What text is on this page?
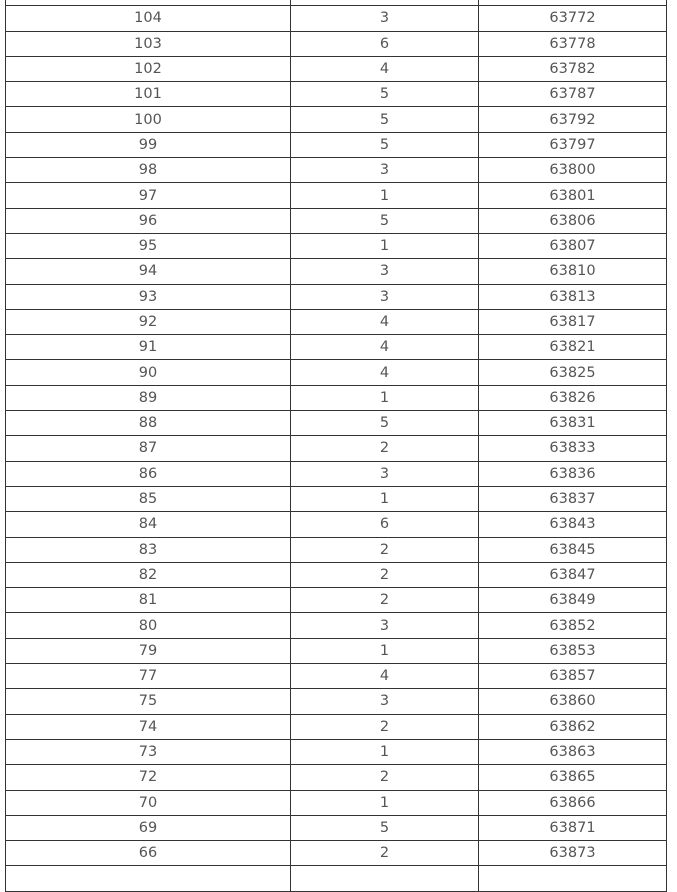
104	3	63772
103	6	63778
102	4	63782
101	5	63787
100	5	63792
99	5	63797
98	3	63800
97	1	63801
96	5	63806
95	1	63807
94	3	63810
93	3	63813
92	4	63817
91	4	63821
90	4	63825
89	1	63826
88	5	63831
87	2	63833
86	3	63836
85	1	63837
84	6	63843
83	2	63845
82	2	63847
81	2	63849
80	3	63852
79	1	63853
77	4	63857
75	3	63860
74	2	63862
73	1	63863
72	2	63865
70	1	63866
69	5	63871
66	2	63873
